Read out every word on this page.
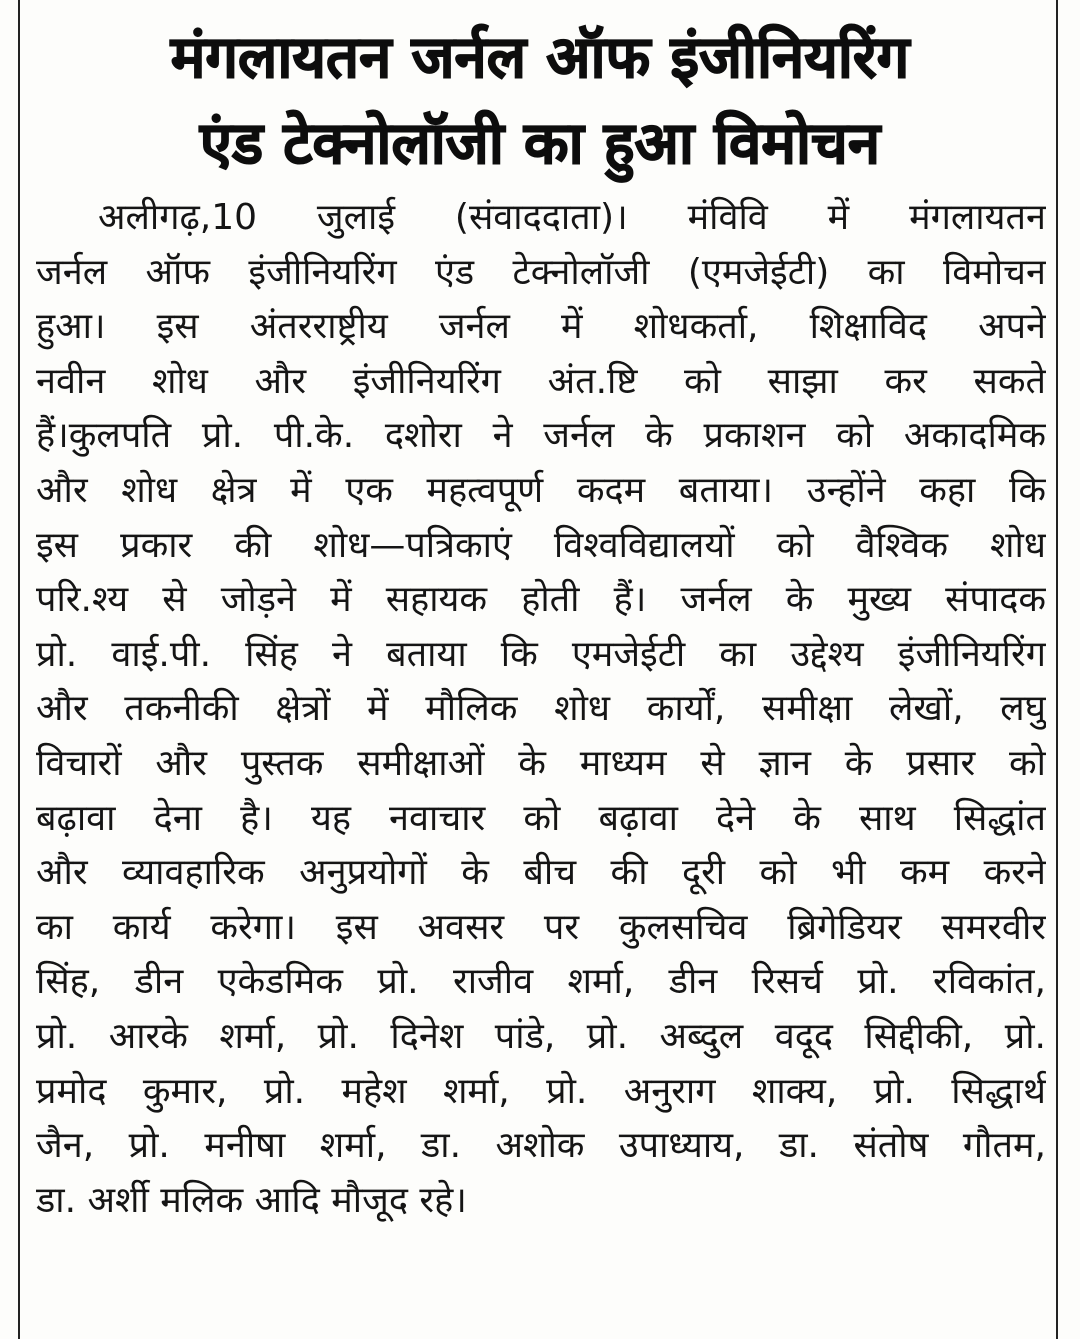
मंगलायतन जर्नल ऑफ इंजीनियरिंग
एंड टेक्नोलॉजी का हुआ विमोचन
अलीगढ़,10 जुलाई (संवाददाता)। मंविवि में मंगलायतन
जर्नल ऑफ इंजीनियरिंग एंड टेक्नोलॉजी (एमजेईटी) का विमोचन
हुआ। इस अंतरराष्ट्रीय जर्नल में शोधकर्ता, शिक्षाविद अपने
नवीन शोध और इंजीनियरिंग अंत.ष्टि को साझा कर सकते
हैं।कुलपति प्रो. पी.के. दशोरा ने जर्नल के प्रकाशन को अकादमिक
और शोध क्षेत्र में एक महत्वपूर्ण कदम बताया। उन्होंने कहा कि
इस प्रकार की शोध—पत्रिकाएं विश्वविद्यालयों को वैश्विक शोध
परि.श्य से जोड़ने में सहायक होती हैं। जर्नल के मुख्य संपादक
प्रो. वाई.पी. सिंह ने बताया कि एमजेईटी का उद्देश्य इंजीनियरिंग
और तकनीकी क्षेत्रों में मौलिक शोध कार्यों, समीक्षा लेखों, लघु
विचारों और पुस्तक समीक्षाओं के माध्यम से ज्ञान के प्रसार को
बढ़ावा देना है। यह नवाचार को बढ़ावा देने के साथ सिद्धांत
और व्यावहारिक अनुप्रयोगों के बीच की दूरी को भी कम करने
का कार्य करेगा। इस अवसर पर कुलसचिव ब्रिगेडियर समरवीर
सिंह, डीन एकेडमिक प्रो. राजीव शर्मा, डीन रिसर्च प्रो. रविकांत,
प्रो. आरके शर्मा, प्रो. दिनेश पांडे, प्रो. अब्दुल वदूद सिद्दीकी, प्रो.
प्रमोद कुमार, प्रो. महेश शर्मा, प्रो. अनुराग शाक्य, प्रो. सिद्धार्थ
जैन, प्रो. मनीषा शर्मा, डा. अशोक उपाध्याय, डा. संतोष गौतम,
डा. अर्शी मलिक आदि मौजूद रहे।
